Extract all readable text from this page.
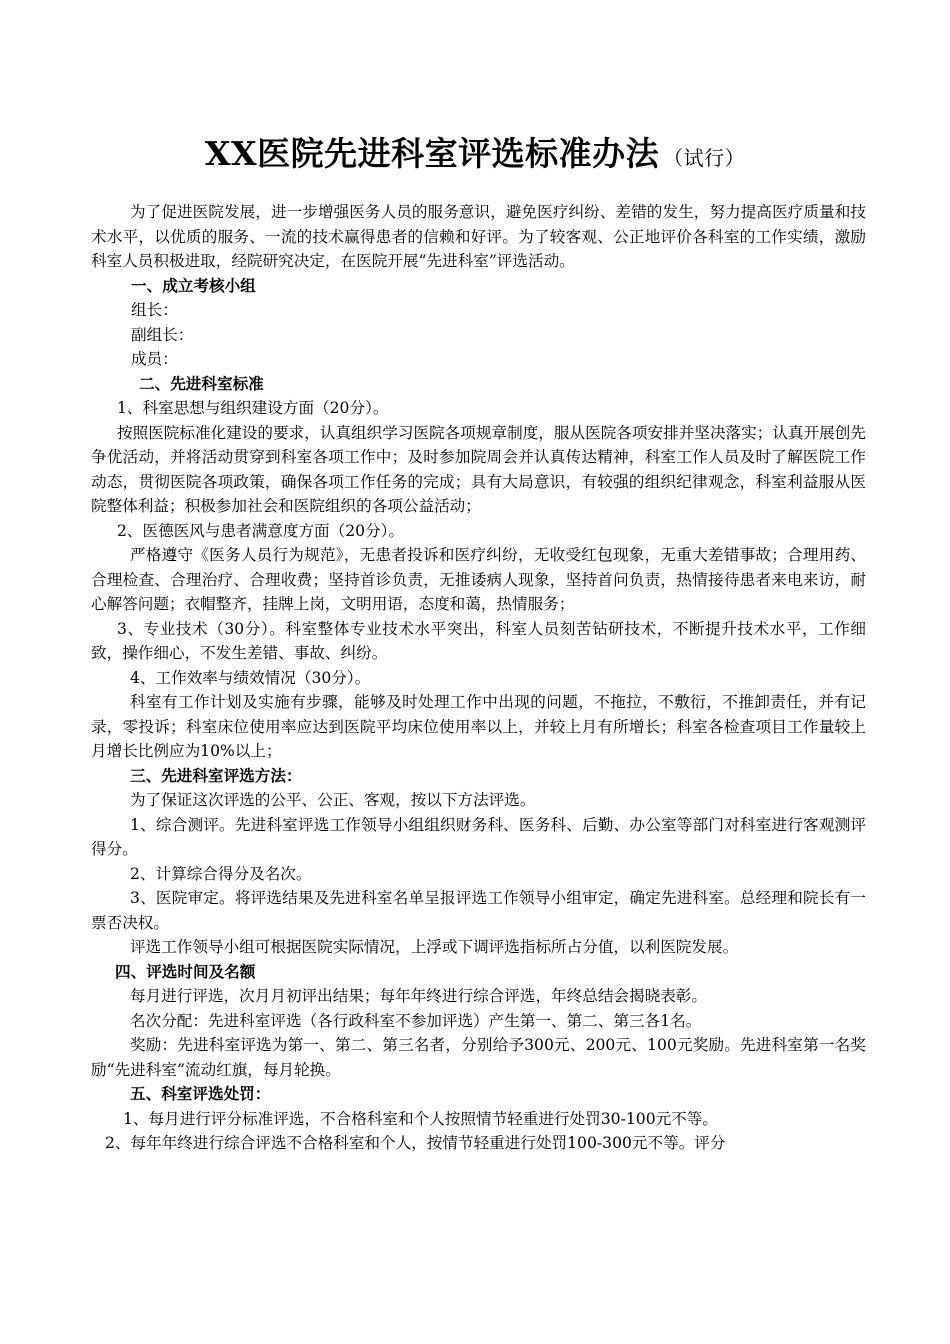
XX医院先进科室评选标准办法 （试行）

为了促进医院发展，进一步增强医务人员的服务意识，避免医疗纠纷、差错的发生，努力提高医疗质量和技术水平，以优质的服务、一流的技术赢得患者的信赖和好评。为了较客观、公正地评价各科室的工作实绩，激励科室人员积极进取，经院研究决定，在医院开展“先进科室”评选活动。

一、成立考核小组

组长：

副组长：

成员：

二、先进科室标准

1、科室思想与组织建设方面（20分）。

按照医院标准化建设的要求，认真组织学习医院各项规章制度，服从医院各项安排并坚决落实；认真开展创先争优活动，并将活动贯穿到科室各项工作中；及时参加院周会并认真传达精神，科室工作人员及时了解医院工作动态，贯彻医院各项政策，确保各项工作任务的完成；具有大局意识，有较强的组织纪律观念，科室利益服从医院整体利益；积极参加社会和医院组织的各项公益活动；

2、医德医风与患者满意度方面（20分）。

严格遵守《医务人员行为规范》，无患者投诉和医疗纠纷，无收受红包现象，无重大差错事故；合理用药、合理检查、合理治疗、合理收费；坚持首诊负责，无推诿病人现象，坚持首问负责，热情接待患者来电来访，耐心解答问题；衣帽整齐，挂牌上岗，文明用语，态度和蔼，热情服务；

3、专业技术（30分）。科室整体专业技术水平突出，科室人员刻苦钻研技术，不断提升技术水平，工作细致，操作细心，不发生差错、事故、纠纷。

4、工作效率与绩效情况（30分）。

科室有工作计划及实施有步骤，能够及时处理工作中出现的问题，不拖拉，不敷衍，不推卸责任，并有记录，零投诉；科室床位使用率应达到医院平均床位使用率以上，并较上月有所增长；科室各检查项目工作量较上月增长比例应为10%以上；

三、先进科室评选方法：

为了保证这次评选的公平、公正、客观，按以下方法评选。

1、综合测评。先进科室评选工作领导小组组织财务科、医务科、后勤、办公室等部门对科室进行客观测评得分。

2、计算综合得分及名次。

3、医院审定。将评选结果及先进科室名单呈报评选工作领导小组审定，确定先进科室。总经理和院长有一票否决权。

评选工作领导小组可根据医院实际情况，上浮或下调评选指标所占分值，以利医院发展。

四、评选时间及名额

每月进行评选，次月月初评出结果；每年年终进行综合评选，年终总结会揭晓表彰。

名次分配：先进科室评选（各行政科室不参加评选）产生第一、第二、第三各1名。

奖励：先进科室评选为第一、第二、第三名者，分别给予300元、200元、100元奖励。先进科室第一名奖励“先进科室”流动红旗，每月轮换。

五、科室评选处罚：

1、每月进行评分标准评选，不合格科室和个人按照情节轻重进行处罚30-100元不等。

2、每年年终进行综合评选不合格科室和个人，按情节轻重进行处罚100-300元不等。评分
